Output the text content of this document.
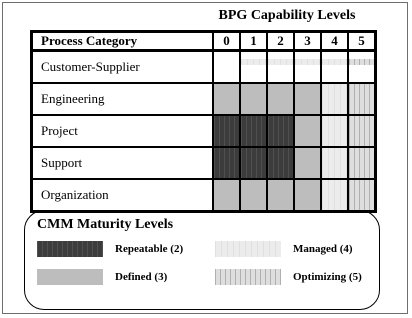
BPG Capability Levels
Process Category	0	1	2	3	4	5
Customer-Supplier		

Engineering	

Project	

Support	

Organization	

CMM Maturity Levels
Repeatable (2)	Managed (4)
Defined (3)	Optimizing (5)
